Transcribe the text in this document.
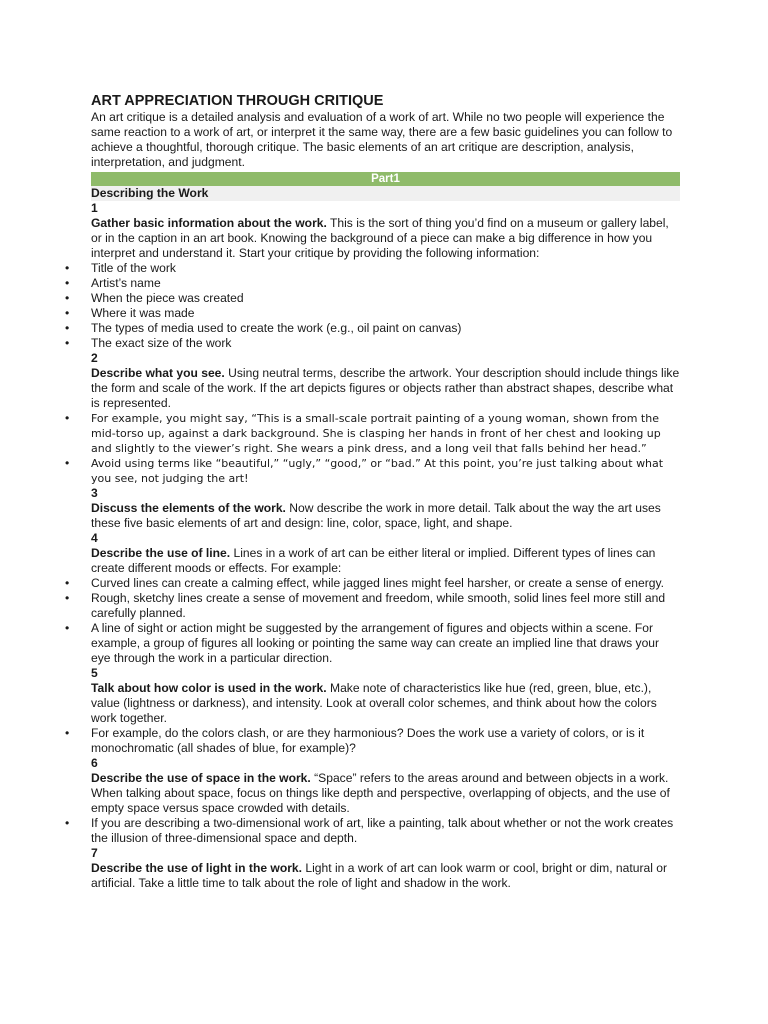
ART APPRECIATION THROUGH CRITIQUE

An art critique is a detailed analysis and evaluation of a work of art. While no two people will experience the same reaction to a work of art, or interpret it the same way, there are a few basic guidelines you can follow to achieve a thoughtful, thorough critique. The basic elements of an art critique are description, analysis, interpretation, and judgment.

Part1
Describing the Work
1

Gather basic information about the work. This is the sort of thing you’d find on a museum or gallery label, or in the caption in an art book. Knowing the background of a piece can make a big difference in how you interpret and understand it. Start your critique by providing the following information:

• Title of the work
• Artist’s name
• When the piece was created
• Where it was made
• The types of media used to create the work (e.g., oil paint on canvas)
• The exact size of the work
2

Describe what you see. Using neutral terms, describe the artwork. Your description should include things like the form and scale of the work. If the art depicts figures or objects rather than abstract shapes, describe what is represented.

• For example, you might say, “This is a small-scale portrait painting of a young woman, shown from the mid-torso up, against a dark background. She is clasping her hands in front of her chest and looking up and slightly to the viewer’s right. She wears a pink dress, and a long veil that falls behind her head.”
• Avoid using terms like “beautiful,” “ugly,” “good,” or “bad.” At this point, you’re just talking about what you see, not judging the art!
3

Discuss the elements of the work. Now describe the work in more detail. Talk about the way the art uses these five basic elements of art and design: line, color, space, light, and shape.

4

Describe the use of line. Lines in a work of art can be either literal or implied. Different types of lines can create different moods or effects. For example:

• Curved lines can create a calming effect, while jagged lines might feel harsher, or create a sense of energy.
• Rough, sketchy lines create a sense of movement and freedom, while smooth, solid lines feel more still and carefully planned.
• A line of sight or action might be suggested by the arrangement of figures and objects within a scene. For example, a group of figures all looking or pointing the same way can create an implied line that draws your eye through the work in a particular direction.
5

Talk about how color is used in the work. Make note of characteristics like hue (red, green, blue, etc.), value (lightness or darkness), and intensity. Look at overall color schemes, and think about how the colors work together.

• For example, do the colors clash, or are they harmonious? Does the work use a variety of colors, or is it monochromatic (all shades of blue, for example)?
6

Describe the use of space in the work. “Space” refers to the areas around and between objects in a work. When talking about space, focus on things like depth and perspective, overlapping of objects, and the use of empty space versus space crowded with details.

• If you are describing a two-dimensional work of art, like a painting, talk about whether or not the work creates the illusion of three-dimensional space and depth.
7

Describe the use of light in the work. Light in a work of art can look warm or cool, bright or dim, natural or artificial. Take a little time to talk about the role of light and shadow in the work.
